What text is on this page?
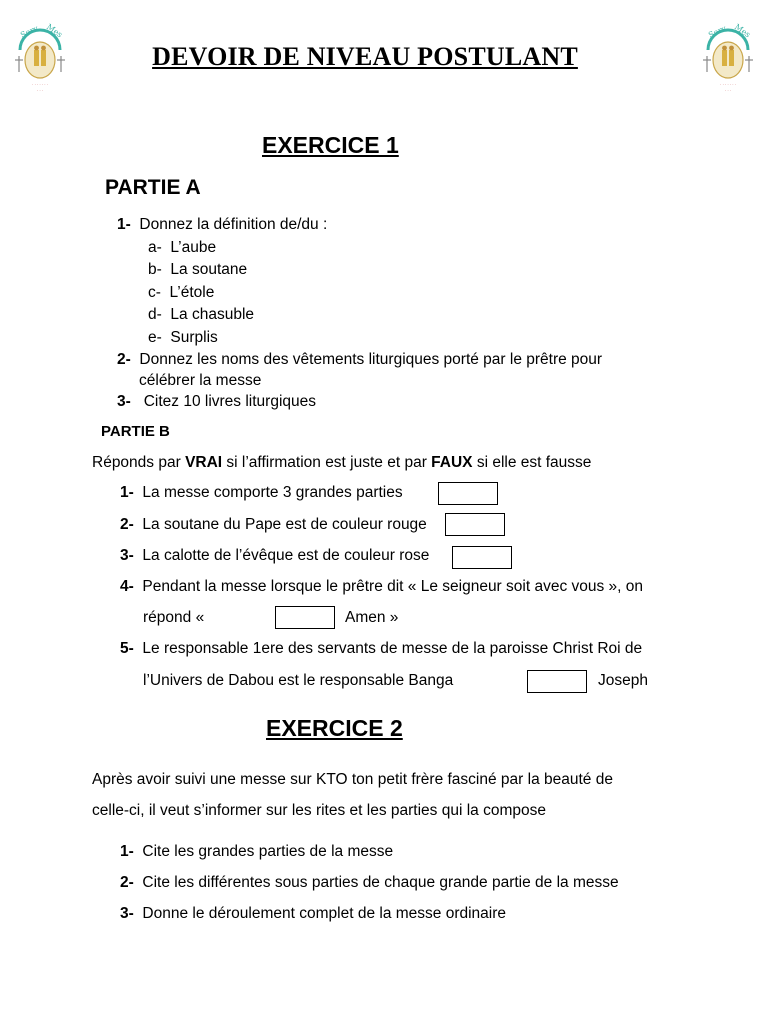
Serv Mes
· · · · · · ·
· · ·
Serv Mes
· · · · · · ·
· · ·
DEVOIR DE NIVEAU POSTULANT
EXERCICE 1
PARTIE A
1- Donnez la définition de/du :
a- L’aube
b- La soutane
c- L’étole
d- La chasuble
e- Surplis
2- Donnez les noms des vêtements liturgiques porté par le prêtre pour
célébrer la messe
3- Citez 10 livres liturgiques
PARTIE B
Réponds par VRAI si l’affirmation est juste et par FAUX si elle est fausse
1- La messe comporte 3 grandes parties
2- La soutane du Pape est de couleur rouge
3- La calotte de l’évêque est de couleur rose
4- Pendant la messe lorsque le prêtre dit « Le seigneur soit avec vous », on
répond «	Amen »
5- Le responsable 1ere des servants de messe de la paroisse Christ Roi de
l’Univers de Dabou est le responsable Banga	Joseph
EXERCICE 2
Après avoir suivi une messe sur KTO ton petit frère fasciné par la beauté de
celle-ci, il veut s’informer sur les rites et les parties qui la compose
1- Cite les grandes parties de la messe
2- Cite les différentes sous parties de chaque grande partie de la messe
3- Donne le déroulement complet de la messe ordinaire
